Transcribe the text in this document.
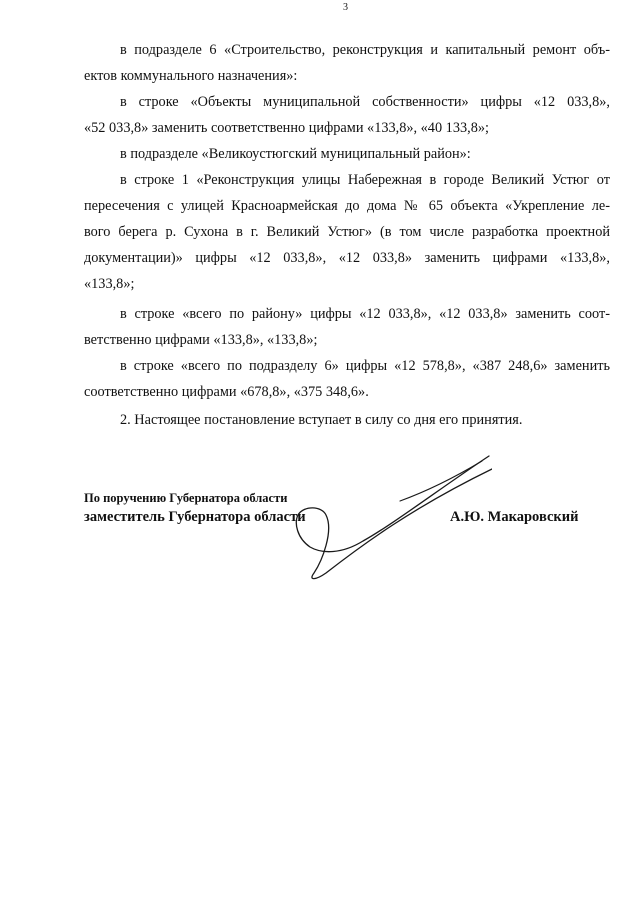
3

в подразделе 6 «Строительство, реконструкция и капитальный ремонт объ-
ектов коммунального назначения»:

в строке «Объекты муниципальной собственности» цифры «12 033,8»,
«52 033,8» заменить соответственно цифрами «133,8», «40 133,8»;

в подразделе «Великоустюгский муниципальный район»:

в строке 1 «Реконструкция улицы Набережная в городе Великий Устюг от
пересечения с улицей Красноармейская до дома № 65 объекта «Укрепление ле-
вого берега р. Сухона в г. Великий Устюг» (в том числе разработка проектной
документации)» цифры «12 033,8», «12 033,8» заменить цифрами «133,8»,
«133,8»;

в строке «всего по району» цифры «12 033,8», «12 033,8» заменить соот-
ветственно цифрами «133,8», «133,8»;

в строке «всего по подразделу 6» цифры «12 578,8», «387 248,6» заменить
соответственно цифрами «678,8», «375 348,6».

2. Настоящее постановление вступает в силу со дня его принятия.

По поручению Губернатора области
заместитель Губернатора области	А.Ю. Макаровский
